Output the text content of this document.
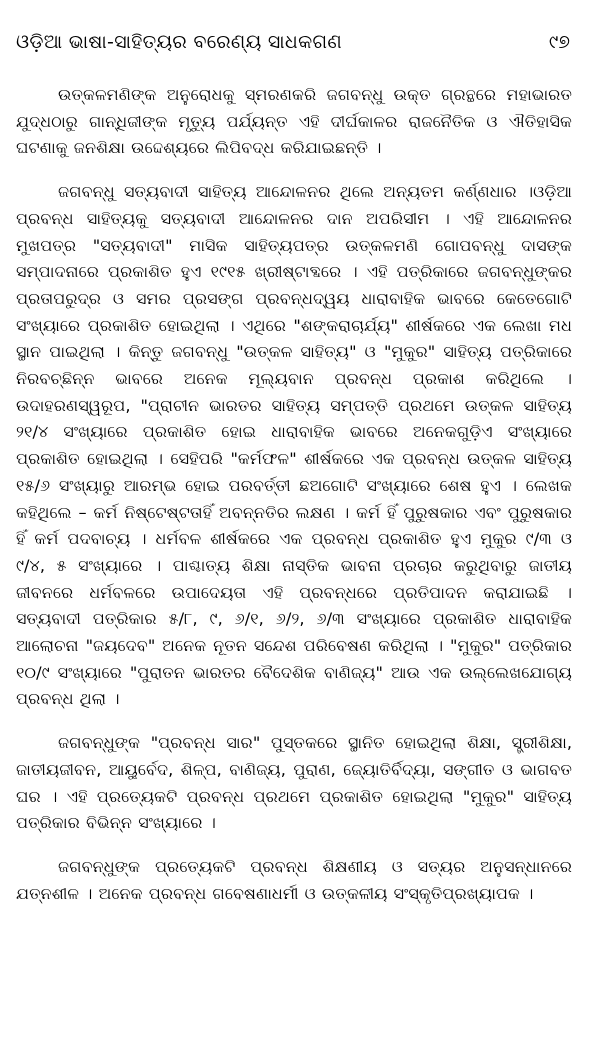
ଓଡ଼ିଆ ଭାଷା-ସାହିତ୍ୟର ବରେଣ୍ୟ ସାଧକଗଣ	୯୭

ଉତ୍କଳମଣିଙ୍କ ଅନୁରୋଧକୁ ସ୍ମରଣକରି ଜଗବନ୍ଧୁ ଉକ୍ତ ଗ୍ରନ୍ଥରେ ମହାଭାରତ ଯୁଦ୍ଧଠାରୁ ଗାନ୍ଧିଜୀଙ୍କ ମୃତ୍ୟୁ ପର୍ଯ୍ୟନ୍ତ ଏହି ଦୀର୍ଘକାଳର ରାଜନୈତିକ ଓ ଐତିହାସିକ ଘଟଣାକୁ ଜନଶିକ୍ଷା ଉଦ୍ଦେଶ୍ୟରେ ଲିପିବଦ୍ଧ କରିଯାଇଛନ୍ତି ।

ଜଗବନ୍ଧୁ ସତ୍ୟବାଦୀ ସାହିତ୍ୟ ଆନ୍ଦୋଳନର ଥିଲେ ଅନ୍ୟତମ କର୍ଣ୍ଣଧାର ।ଓଡ଼ିଆ ପ୍ରବନ୍ଧ ସାହିତ୍ୟକୁ ସତ୍ୟବାଦୀ ଆନ୍ଦୋଳନର ଦାନ ଅପରିସୀମ । ଏହି ଆନ୍ଦୋଳନର ମୁଖପତ୍ର "ସତ୍ୟବାଦୀ" ମାସିକ ସାହିତ୍ୟପତ୍ର ଉତ୍କଳମଣି ଗୋପବନ୍ଧୁ ଦାସଙ୍କ ସମ୍ପାଦନାରେ ପ୍ରକାଶିତ ହୁଏ ୧୯୧୫ ଖ୍ରୀଷ୍ଟାବ୍ଦରେ । ଏହି ପତ୍ରିକାରେ ଜଗବନ୍ଧୁଙ୍କର ପ୍ରତାପରୁଦ୍ର ଓ ସମର ପ୍ରସଙ୍ଗ ପ୍ରବନ୍ଧଦ୍ୱୟ ଧାରାବାହିକ ଭାବରେ କେତେଗୋଟି ସଂଖ୍ୟାରେ ପ୍ରକାଶିତ ହୋଇଥିଲା । ଏଥିରେ "ଶଙ୍କରାଚାର୍ଯ୍ୟ" ଶୀର୍ଷକରେ ଏକ ଲେଖା ମଧ ସ୍ଥାନ ପାଇଥିଲା । କିନ୍ତୁ ଜଗବନ୍ଧୁ "ଉତ୍କଳ ସାହିତ୍ୟ" ଓ "ମୁକୁର" ସାହିତ୍ୟ ପତ୍ରିକାରେ ନିରବଚ୍ଛିନ୍ନ ଭାବରେ ଅନେକ ମୂଲ୍ୟବାନ ପ୍ରବନ୍ଧ ପ୍ରକାଶ କରିଥିଲେ । ଉଦାହରଣସ୍ୱରୂପ, "ପ୍ରାଚୀନ ଭାରତର ସାହିତ୍ୟ ସମ୍ପତ୍ତି ପ୍ରଥମେ ଉତ୍କଳ ସାହିତ୍ୟ ୨୧/୪ ସଂଖ୍ୟାରେ ପ୍ରକାଶିତ ହୋଇ ଧାରାବାହିକ ଭାବରେ ଅନେକଗୁଡ଼ିଏ ସଂଖ୍ୟାରେ ପ୍ରକାଶିତ ହୋଇଥିଲା । ସେହିପରି "କର୍ମଫଳ" ଶୀର୍ଷକରେ ଏକ ପ୍ରବନ୍ଧ ଉତ୍କଳ ସାହିତ୍ୟ ୧୫/୬ ସଂଖ୍ୟାରୁ ଆରମ୍ଭ ହୋଇ ପରବର୍ତ୍ତୀ ଛଅଗୋଟି ସଂଖ୍ୟାରେ ଶେଷ ହୁଏ । ଲେଖକ କହିଥିଲେ – କର୍ମ ନିଷ୍ଟେଷ୍ଟତାହିଁ ଅବନ୍ନତିର ଲକ୍ଷଣ । କର୍ମ ହିଁ ପୁରୁଷକାର ଏବଂ ପୁରୁଷକାର ହିଁ କର୍ମ ପଦବାଚ୍ୟ । ଧର୍ମବଳ ଶୀର୍ଷକରେ ଏକ ପ୍ରବନ୍ଧ ପ୍ରକାଶିତ ହୁଏ ମୁକୁର ୯/୩ ଓ ୯/୪, ୫ ସଂଖ୍ୟାରେ । ପାଶ୍ଚାତ୍ୟ ଶିକ୍ଷା ନାସ୍ତିକ ଭାବନା ପ୍ରଚାର କରୁଥିବାରୁ ଜାତୀୟ ଜୀବନରେ ଧର୍ମବଳରେ ଉପାଦେୟତା ଏହି ପ୍ରବନ୍ଧରେ ପ୍ରତିପାଦନ କରାଯାଇଛି । ସତ୍ୟବାଦୀ ପତ୍ରିକାର ୫/୮, ୯, ୬/୧, ୬/୨, ୬/୩ ସଂଖ୍ୟାରେ ପ୍ରକାଶିତ ଧାରାବାହିକ ଆଲୋଚନା "ଜୟଦେବ" ଅନେକ ନୂତନ ସନ୍ଦେଶ ପରିବେଷଣ କରିଥିଲା । "ମୁକୁର" ପତ୍ରିକାର ୧୦/୯ ସଂଖ୍ୟାରେ "ପୁରାତନ ଭାରତର ବୈଦେଶିକ ବାଣିଜ୍ୟ" ଆଉ ଏକ ଉଲ୍ଲେଖଯୋଗ୍ୟ ପ୍ରବନ୍ଧ ଥିଲା ।

ଜଗବନ୍ଧୁଙ୍କ "ପ୍ରବନ୍ଧ ସାର" ପୁସ୍ତକରେ ସ୍ଥାନିତ ହୋଇଥିଲା ଶିକ୍ଷା, ସ୍ତ୍ରୀଶିକ୍ଷା, ଜାତୀୟଜୀବନ, ଆୟୁର୍ବେଦ, ଶିଳ୍ପ, ବାଣିଜ୍ୟ, ପୁରାଣ, ଜ୍ୟୋତିର୍ବିଦ୍ୟା, ସଙ୍ଗୀତ ଓ ଭାଗବତ ଘର । ଏହି ପ୍ରତ୍ୟେକଟି ପ୍ରବନ୍ଧ ପ୍ରଥମେ ପ୍ରକାଶିତ ହୋଇଥିଲା "ମୁକୁର" ସାହିତ୍ୟ ପତ୍ରିକାର ବିଭିନ୍ନ ସଂଖ୍ୟାରେ ।

ଜଗବନ୍ଧୁଙ୍କ ପ୍ରତ୍ୟେକଟି ପ୍ରବନ୍ଧ ଶିକ୍ଷଣୀୟ ଓ ସତ୍ୟର ଅନୁସନ୍ଧାନରେ ଯତ୍ନଶୀଳ । ଅନେକ ପ୍ରବନ୍ଧ ଗବେଷଣାଧର୍ମୀ ଓ ଉତ୍କଳୀୟ ସଂସ୍କୃତିପ୍ରଖ୍ୟାପକ ।
